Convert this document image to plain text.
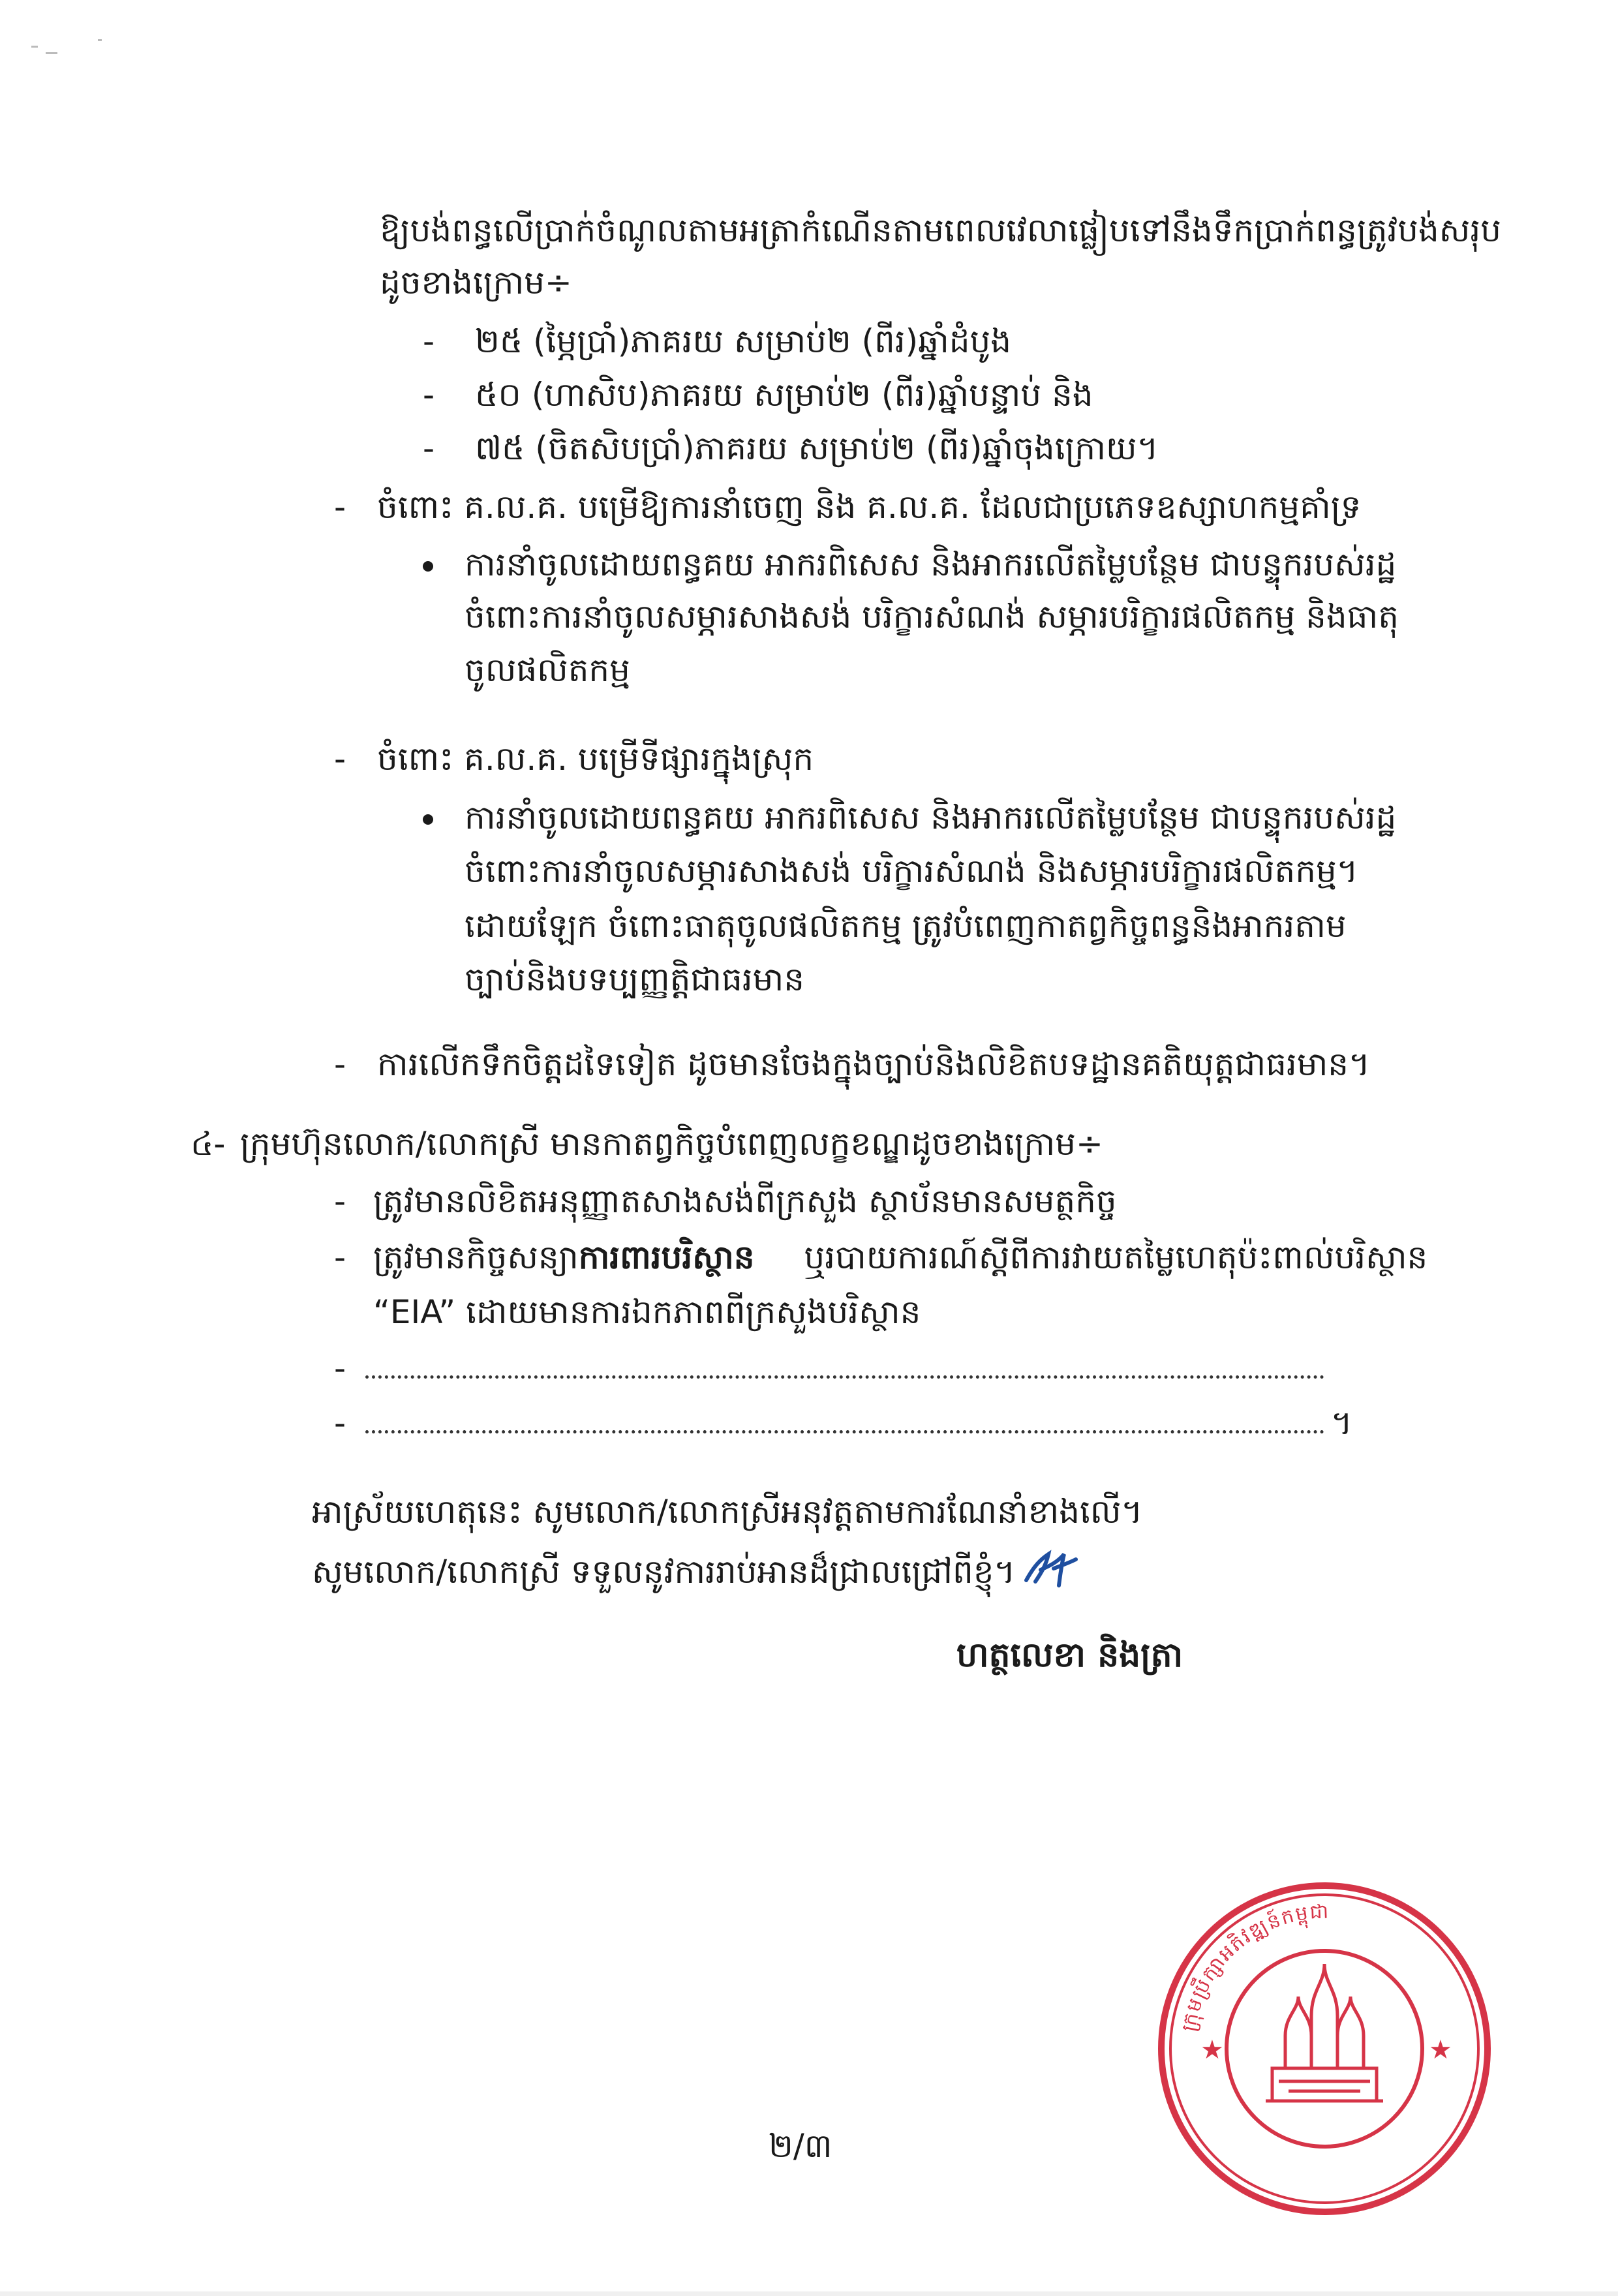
ឱ្យបង់ពន្ធលើប្រាក់ចំណូលតាមអត្រាកំណើនតាមពេលវេលាផ្លៀបទៅនឹងទឹកប្រាក់ពន្ធត្រូវបង់សរុប
ដូចខាងក្រោម÷
- ២៥ (ម្ភៃប្រាំ)ភាគរយ សម្រាប់២ (ពីរ)ឆ្នាំដំបូង
- ៥០ (ហាសិប)ភាគរយ សម្រាប់២ (ពីរ)ឆ្នាំបន្ទាប់ និង
- ៧៥ (ចិតសិបប្រាំ)ភាគរយ សម្រាប់២ (ពីរ)ឆ្នាំចុងក្រោយ។
- ចំពោះ គ.ល.គ. បម្រើឱ្យការនាំចេញ និង គ.ល.គ. ដែលជាប្រភេទឧស្សាហកម្មគាំទ្រ
ការនាំចូលដោយពន្ធគយ អាករពិសេស និងអាករលើតម្លៃបន្ថែម ជាបន្ទុករបស់រដ្ឋ
ចំពោះការនាំចូលសម្ភារសាងសង់ បរិក្ខារសំណង់ សម្ភារបរិក្ខារផលិតកម្ម និងធាតុ
ចូលផលិតកម្ម
- ចំពោះ គ.ល.គ. បម្រើទីផ្សារក្នុងស្រុក
ការនាំចូលដោយពន្ធគយ អាករពិសេស និងអាករលើតម្លៃបន្ថែម ជាបន្ទុករបស់រដ្ឋ
ចំពោះការនាំចូលសម្ភារសាងសង់ បរិក្ខារសំណង់ និងសម្ភារបរិក្ខារផលិតកម្ម។
ដោយឡែក ចំពោះធាតុចូលផលិតកម្ម ត្រូវបំពេញកាតព្វកិច្ចពន្ធនិងអាករតាម
ច្បាប់និងបទប្បញ្ញត្តិជាធរមាន
- ការលើកទឹកចិត្តដទៃទៀត ដូចមានចែងក្នុងច្បាប់និងលិខិតបទដ្ឋានគតិយុត្តជាធរមាន។
៤- ក្រុមហ៊ុនលោក/លោកស្រី មានកាតព្វកិច្ចបំពេញលក្ខខណ្ឌដូចខាងក្រោម÷
- ត្រូវមានលិខិតអនុញ្ញាតសាងសង់ពីក្រសួង ស្ថាប័នមានសមត្ថកិច្ច
- ត្រូវមានកិច្ចសន្យាការពារបរិស្ថាន ឬរបាយការណ៍ស្តីពីការវាយតម្លៃហេតុប៉ះពាល់បរិស្ថាន
“EIA” ដោយមានការឯកភាពពីក្រសួងបរិស្ថាន
-
-	។
អាស្រ័យហេតុនេះ សូមលោក/លោកស្រីអនុវត្តតាមការណែនាំខាងលើ។
សូមលោក/លោកស្រី ទទួលនូវការរាប់អានដ៏ជ្រាលជ្រៅពីខ្ញុំ។
ហត្ថលេខា និងត្រា
ក្រុមប្រឹក្សាអភិវឌ្ឍន៍កម្ពុជា
★	★
២/៣
